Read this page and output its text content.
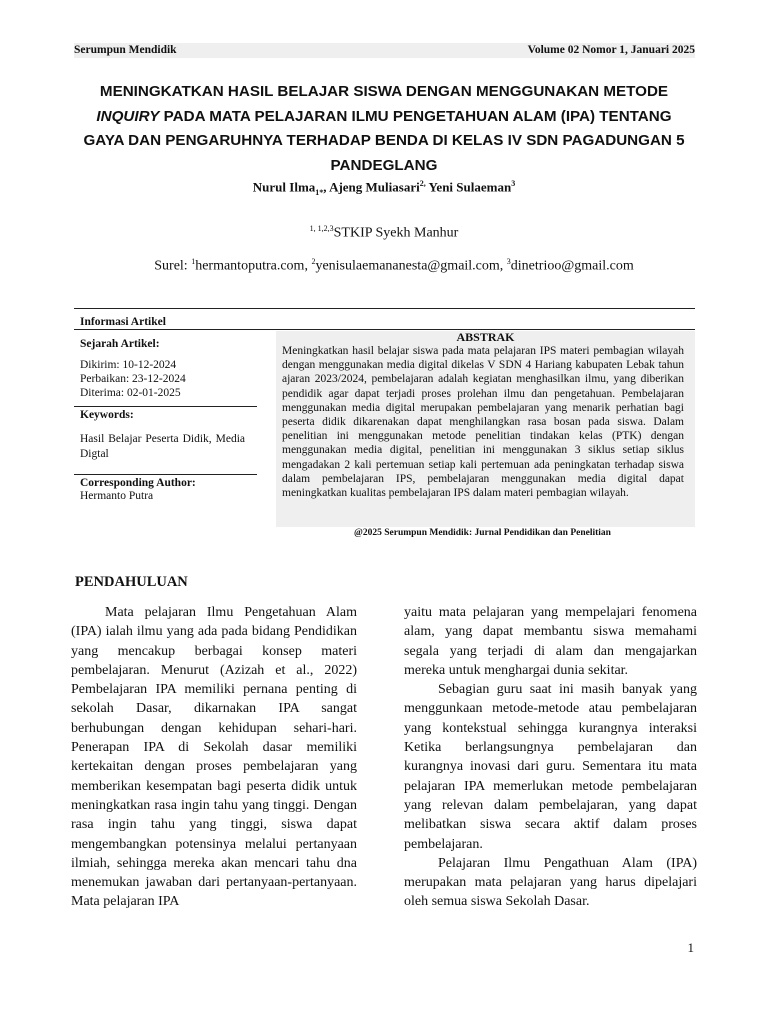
Serumpun Mendidik	Volume 02 Nomor 1, Januari 2025
MENINGKATKAN HASIL BELAJAR SISWA DENGAN MENGGUNAKAN METODE
INQUIRY PADA MATA PELAJARAN ILMU PENGETAHUAN ALAM (IPA) TENTANG
GAYA DAN PENGARUHNYA TERHADAP BENDA DI KELAS IV SDN PAGADUNGAN 5
PANDEGLANG
Nurul Ilma$_{1*}$, Ajeng Muliasari$^{2,}$ Yeni Sulaeman$^3$
$^{1, 1,2,3}$STKIP Syekh Manhur
Surel: $^1$hermantoputra.com, $^2$yenisulaemananesta@gmail.com, $^3$dinetrioo@gmail.com
Informasi Artikel
Sejarah Artikel:
Dikirim: 10-12-2024
Perbaikan: 23-12-2024
Diterima: 02-01-2025
Keywords:
Hasil Belajar Peserta Didik, Media Digtal
Corresponding Author:
Hermanto Putra
ABSTRAK
Meningkatkan hasil belajar siswa pada mata pelajaran IPS materi pembagian wilayah dengan menggunakan media digital dikelas V SDN 4 Hariang kabupaten Lebak tahun ajaran 2023/2024, pembelajaran adalah kegiatan menghasilkan ilmu, yang diberikan pendidik agar dapat terjadi proses prolehan ilmu dan pengetahuan. Pembelajaran menggunakan media digital merupakan pembelajaran yang menarik perhatian bagi peserta didik dikarenakan dapat menghilangkan rasa bosan pada siswa. Dalam penelitian ini menggunakan metode penelitian tindakan kelas (PTK) dengan menggunakan media digital, penelitian ini menggunakan 3 siklus setiap siklus mengadakan 2 kali pertemuan setiap kali pertemuan ada peningkatan terhadap siswa dalam pembelajaran IPS, pembelajaran menggunakan media digital dapat meningkatkan kualitas pembelajaran IPS dalam materi pembagian wilayah.
@2025 Serumpun Mendidik: Jurnal Pendidikan dan Penelitian
PENDAHULUAN

Mata pelajaran Ilmu Pengetahuan Alam (IPA) ialah ilmu yang ada pada bidang Pendidikan yang mencakup berbagai konsep materi pembelajaran. Menurut (Azizah et al., 2022) Pembelajaran IPA memiliki pernana penting di sekolah Dasar, dikarnakan IPA sangat berhubungan dengan kehidupan sehari-hari. Penerapan IPA di Sekolah dasar memiliki kertekaitan dengan proses pembelajaran yang memberikan kesempatan bagi peserta didik untuk meningkatkan rasa ingin tahu yang tinggi. Dengan rasa ingin tahu yang tinggi, siswa dapat mengembangkan potensinya melalui pertanyaan ilmiah, sehingga mereka akan mencari tahu dna menemukan jawaban dari pertanyaan-pertanyaan. Mata pelajaran IPA

yaitu mata pelajaran yang mempelajari fenomena alam, yang dapat membantu siswa memahami segala yang terjadi di alam dan mengajarkan mereka untuk menghargai dunia sekitar.

Sebagian guru saat ini masih banyak yang menggunkaan metode-metode atau pembelajaran yang kontekstual sehingga kurangnya interaksi Ketika berlangsungnya pembelajaran dan kurangnya inovasi dari guru. Sementara itu mata pelajaran IPA memerlukan metode pembelajaran yang relevan dalam pembelajaran, yang dapat melibatkan siswa secara aktif dalam proses pembelajaran.

Pelajaran Ilmu Pengathuan Alam (IPA) merupakan mata pelajaran yang harus dipelajari oleh semua siswa Sekolah Dasar.

1
